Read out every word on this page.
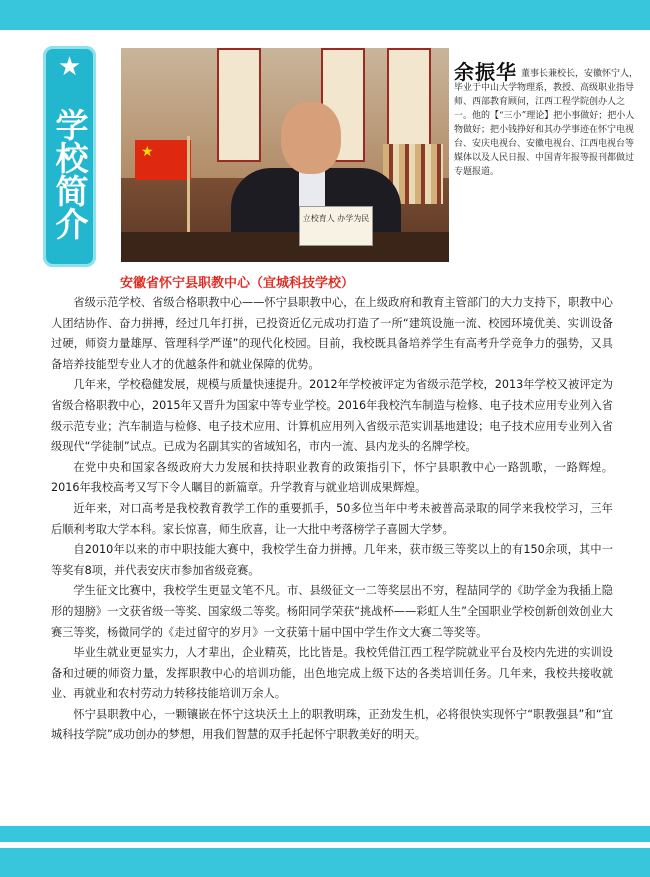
★
学校简介	★
立校育人 办学为民
余振华 董事长兼校长，安徽怀宁人，毕业于中山大学物理系，教授、高级职业指导师、西部教育顾问，江西工程学院创办人之一。他的【“三小”理论】把小事做好；把小人物做好；把小钱挣好和其办学事迹在怀宁电视台、安庆电视台、安徽电视台、江西电视台等媒体以及人民日报、中国青年报等报刊都做过专题报道。
安徽省怀宁县职教中心（宜城科技学校）

省级示范学校、省级合格职教中心——怀宁县职教中心，在上级政府和教育主管部门的大力支持下，职教中心人团结协作、奋力拼搏，经过几年打拼，已投资近亿元成功打造了一所“建筑设施一流、校园环境优美、实训设备过硬，师资力量雄厚、管理科学严谨”的现代化校园。目前，我校既具备培养学生有高考升学竞争力的强势，又具备培养技能型专业人才的优越条件和就业保障的优势。

几年来，学校稳健发展，规模与质量快速提升。2012年学校被评定为省级示范学校，2013年学校又被评定为省级合格职教中心，2015年又晋升为国家中等专业学校。2016年我校汽车制造与检修、电子技术应用专业列入省级示范专业；汽车制造与检修、电子技术应用、计算机应用列入省级示范实训基地建设；电子技术应用专业列入省级现代“学徒制”试点。已成为名副其实的省域知名，市内一流、县内龙头的名牌学校。

在党中央和国家各级政府大力发展和扶持职业教育的政策指引下，怀宁县职教中心一路凯歌，一路辉煌。2016年我校高考又写下令人瞩目的新篇章。升学教育与就业培训成果辉煌。

近年来，对口高考是我校教育教学工作的重要抓手，50多位当年中考未被普高录取的同学来我校学习，三年后顺利考取大学本科。家长惊喜，师生欣喜，让一大批中考落榜学子喜圆大学梦。

自2010年以来的市中职技能大赛中，我校学生奋力拼搏。几年来，获市级三等奖以上的有150余项，其中一等奖有8项，并代表安庆市参加省级竞赛。

学生征文比赛中，我校学生更显文笔不凡。市、县级征文一二等奖层出不穷，程喆同学的《助学金为我插上隐形的翅膀》一文获省级一等奖、国家级二等奖。杨阳同学荣获“挑战杯——彩虹人生”全国职业学校创新创效创业大赛三等奖，杨微同学的《走过留守的岁月》一文获第十届中国中学生作文大赛二等奖等。

毕业生就业更显实力，人才辈出，企业精英，比比皆是。我校凭借江西工程学院就业平台及校内先进的实训设备和过硬的师资力量，发挥职教中心的培训功能，出色地完成上级下达的各类培训任务。几年来，我校共接收就业、再就业和农村劳动力转移技能培训万余人。

怀宁县职教中心，一颗镶嵌在怀宁这块沃土上的职教明珠，正劲发生机，必将很快实现怀宁“职教强县”和“宜城科技学院”成功创办的梦想，用我们智慧的双手托起怀宁职教美好的明天。
